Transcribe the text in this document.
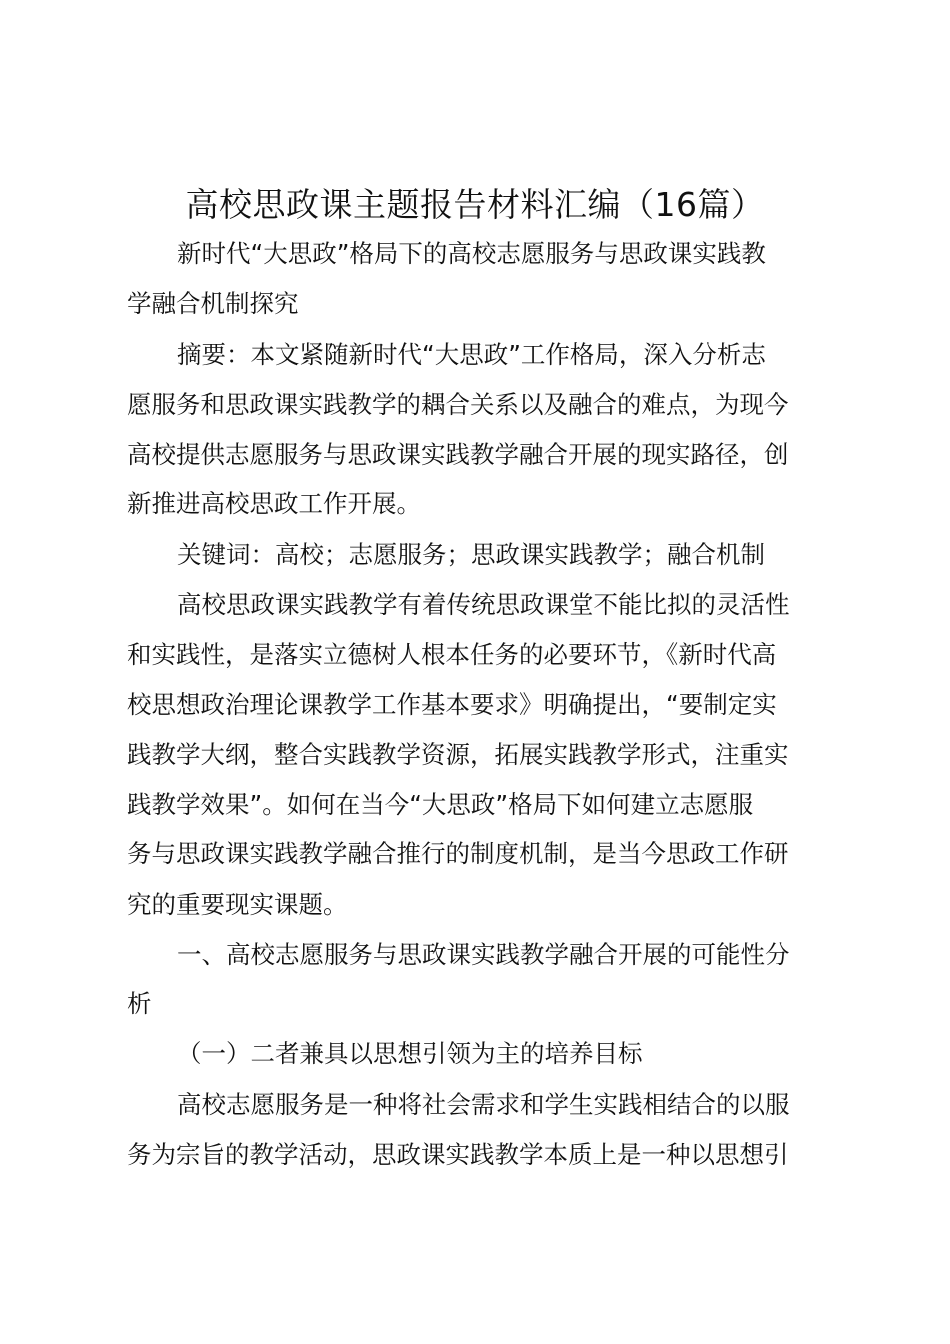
高校思政课主题报告材料汇编（16篇）
新时代“大思政”格局下的高校志愿服务与思政课实践教
学融合机制探究
摘要：本文紧随新时代“大思政”工作格局，深入分析志
愿服务和思政课实践教学的耦合关系以及融合的难点，为现今
高校提供志愿服务与思政课实践教学融合开展的现实路径，创
新推进高校思政工作开展。
关键词：高校；志愿服务；思政课实践教学；融合机制
高校思政课实践教学有着传统思政课堂不能比拟的灵活性
和实践性，是落实立德树人根本任务的必要环节，《新时代高
校思想政治理论课教学工作基本要求》明确提出，“要制定实
践教学大纲，整合实践教学资源，拓展实践教学形式，注重实
践教学效果”。如何在当今“大思政”格局下如何建立志愿服
务与思政课实践教学融合推行的制度机制，是当今思政工作研
究的重要现实课题。
一、高校志愿服务与思政课实践教学融合开展的可能性分
析
（一）二者兼具以思想引领为主的培养目标
高校志愿服务是一种将社会需求和学生实践相结合的以服
务为宗旨的教学活动，思政课实践教学本质上是一种以思想引
